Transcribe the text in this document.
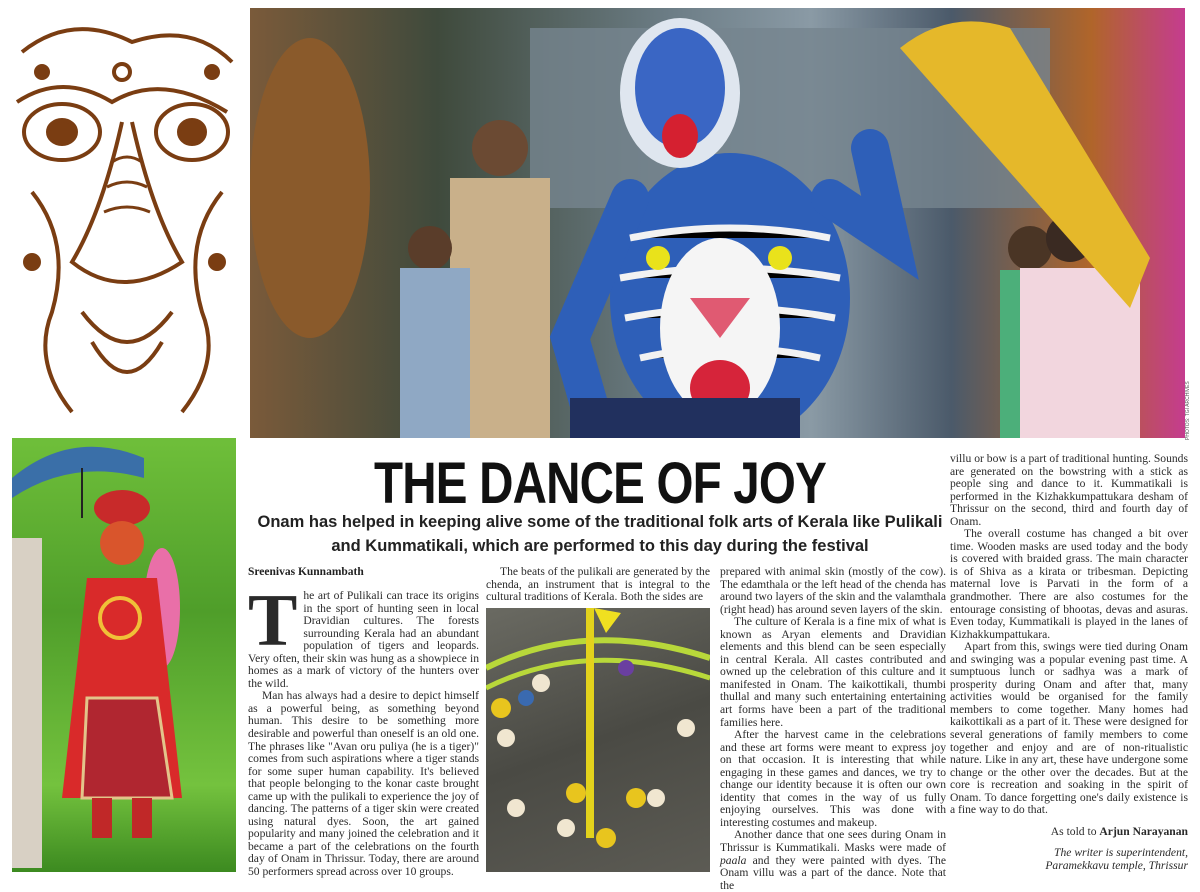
PHOTOS: TGI ARCHIVES
THE DANCE OF JOY
Onam has helped in keeping alive some of the traditional folk arts of Kerala like Pulikali and Kummatikali, which are performed to this day during the festival
Sreenivas Kunnambath

The art of Pulikali can trace its origins in the sport of hunting seen in local Dravidian cultures. The forests surrounding Kerala had an abundant population of tigers and leopards. Very often, their skin was hung as a showpiece in homes as a mark of victory of the hunters over the wild.

Man has always had a desire to depict himself as a powerful being, as something beyond human. This desire to be something more desirable and powerful than oneself is an old one. The phrases like "Avan oru puliya (he is a tiger)" comes from such aspirations where a tiger stands for some super human capability. It's believed that people belonging to the konar caste brought came up with the pulikali to experience the joy of dancing. The patterns of a tiger skin were created using natural dyes. Soon, the art gained popularity and many joined the celebration and it became a part of the celebrations on the fourth day of Onam in Thrissur. Today, there are around 50 performers spread across over 10 groups.

The beats of the pulikali are generated by the chenda, an instrument that is integral to the cultural traditions of Kerala. Both the sides are

prepared with animal skin (mostly of the cow). The edamthala or the left head of the chenda has around two layers of the skin and the valamthala (right head) has around seven layers of the skin.

The culture of Kerala is a fine mix of what is known as Aryan elements and Dravidian elements and this blend can be seen especially in central Kerala. All castes contributed and owned up the celebration of this culture and it manifested in Onam. The kaikottikali, thumbi thullal and many such entertaining entertaining art forms have been a part of the traditional families here.

After the harvest came in the celebrations and these art forms were meant to express joy on that occasion. It is interesting that while engaging in these games and dances, we try to change our identity because it is often our own identity that comes in the way of us fully enjoying ourselves. This was done with interesting costumes and makeup.

Another dance that one sees during Onam in Thrissur is Kummatikali. Masks were made of paala and they were painted with dyes. The Onam villu was a part of the dance. Note that the

villu or bow is a part of traditional hunting. Sounds are generated on the bowstring with a stick as people sing and dance to it. Kummatikali is performed in the Kizhakkumpattukara desham of Thrissur on the second, third and fourth day of Onam.

The overall costume has changed a bit over time. Wooden masks are used today and the body is covered with braided grass. The main character is of Shiva as a kirata or tribesman. Depicting maternal love is Parvati in the form of a grandmother. There are also costumes for the entourage consisting of bhootas, devas and asuras. Even today, Kummatikali is played in the lanes of Kizhakkumpattukara.

Apart from this, swings were tied during Onam and swinging was a popular evening past time. A sumptuous lunch or sadhya was a mark of prosperity during Onam and after that, many activities would be organised for the family members to come together. Many homes had kaikottikali as a part of it. These were designed for several generations of family members to come together and enjoy and are of non-ritualistic nature. Like in any art, these have undergone some change or the other over the decades. But at the core is recreation and soaking in the spirit of Onam. To dance forgetting one's daily existence is a fine way to do that.

As told to Arjun Narayanan

The writer is superintendent,
Paramekkavu temple, Thrissur
